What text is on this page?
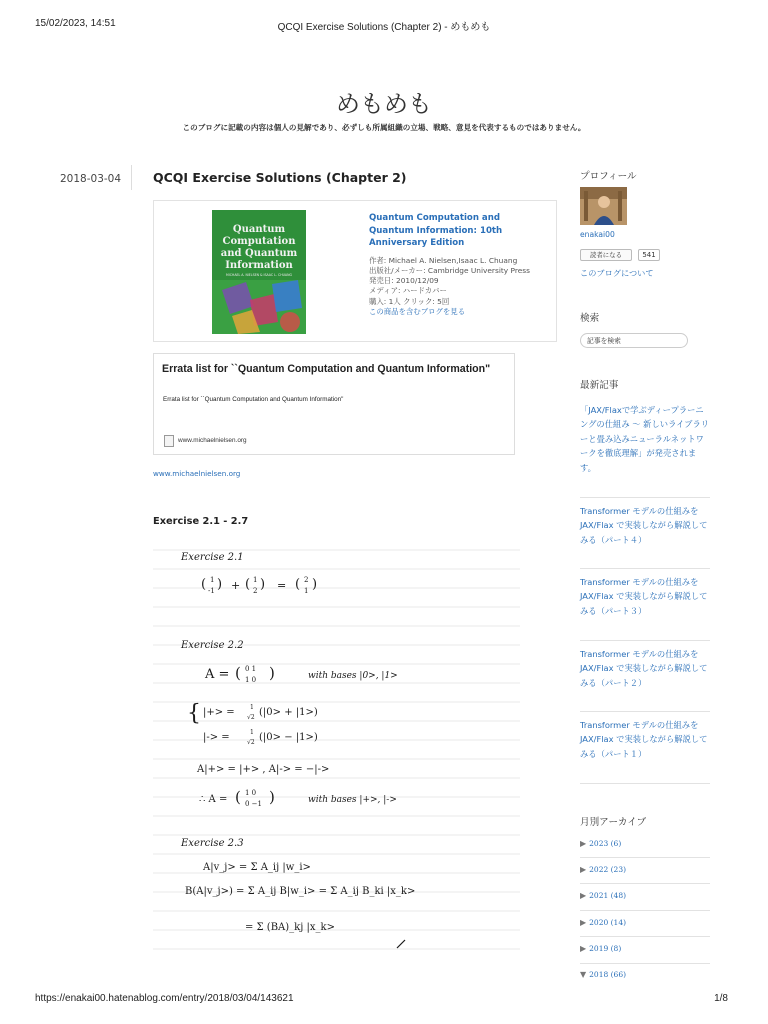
15/02/2023, 14:51	QCQI Exercise Solutions (Chapter 2) - めもめも
https://enakai00.hatenablog.com/entry/2018/03/04/143621	1/8
めもめも
このブログに記載の内容は個人の見解であり、必ずしも所属組織の立場、戦略、意見を代表するものではありません。
2018-03-04	QCQI Exercise Solutions (Chapter 2)
Quantum
Computation
and Quantum
Information
MICHAEL A. NIELSEN & ISAAC L. CHUANG
Quantum Computation and Quantum Information: 10th Anniversary Edition
作者: Michael A. Nielsen,Isaac L. Chuang
出版社/メーカー: Cambridge University Press
発売日: 2010/12/09
メディア: ハードカバー
購入: 1人 クリック: 5回
この商品を含むブログを見る
Errata list for ``Quantum Computation and Quantum Information"
Errata list for ``Quantum Computation and Quantum Information"
www.michaelnielsen.org
www.michaelnielsen.org
Exercise 2.1 - 2.7
Exercise 2.1
( 1
-1 ) + ( 1
2 ) = ( 2
1 )
Exercise 2.2
A = ( 0 1
1 0 )	with bases |0>, |1>
{ |+> =	1
√2 (|0> + |1>)
|-> =	1
√2 (|0> − |1>)
A|+> = |+> , A|-> = −|->
∴ A = ( 1 0
0 −1 )	with bases |+>, |->
Exercise 2.3
A|v_j> = Σ A_ij |w_i>
B(A|v_j>) = Σ A_ij B|w_i> = Σ A_ij B_ki |x_k>
= Σ (BA)_kj |x_k>
プロフィール
enakai00
読者になる	541
このブログについて
検索
記事を検索
最新記事
「JAX/Flaxで学ぶディープラーニングの仕組み 〜 新しいライブラリーと畳み込みニューラルネットワークを徹底理解」が発売されます。
Transformer モデルの仕組みを JAX/Flax で実装しながら解説してみる（パート４）
Transformer モデルの仕組みを JAX/Flax で実装しながら解説してみる（パート３）
Transformer モデルの仕組みを JAX/Flax で実装しながら解説してみる（パート２）
Transformer モデルの仕組みを JAX/Flax で実装しながら解説してみる（パート１）
月別アーカイブ
▶ 2023 (6)
▶ 2022 (23)
▶ 2021 (48)
▶ 2020 (14)
▶ 2019 (8)
▼ 2018 (66)
